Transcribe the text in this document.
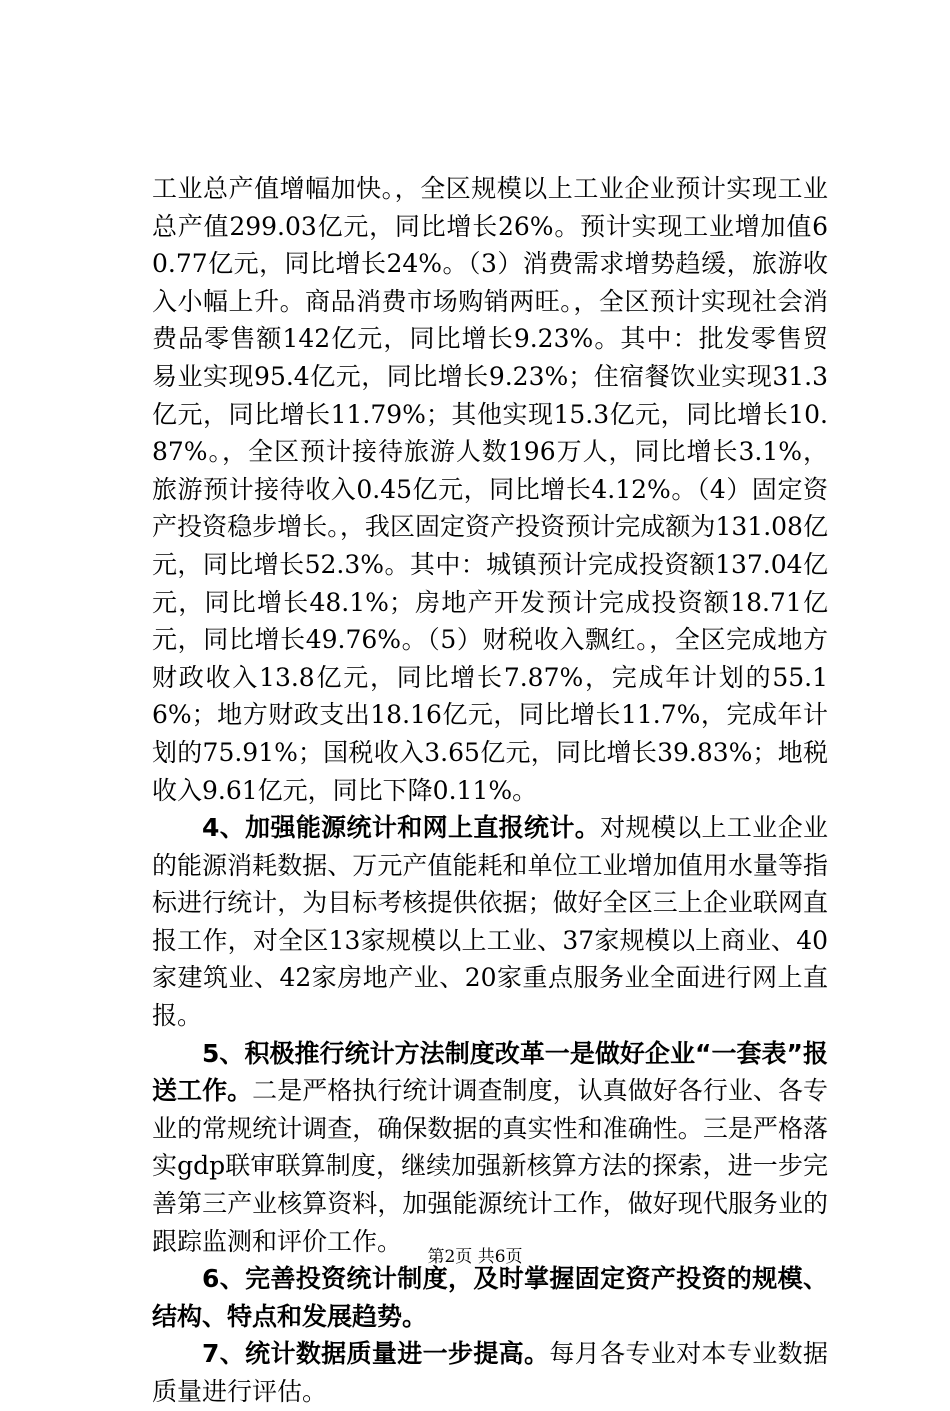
工业总产值增幅加快。，全区规模以上工业企业预计实现工业总产值299.03亿元，同比增长26%。预计实现工业增加值60.77亿元，同比增长24%。（3）消费需求增势趋缓，旅游收入小幅上升。商品消费市场购销两旺。，全区预计实现社会消费品零售额142亿元，同比增长9.23%。其中：批发零售贸易业实现95.4亿元，同比增长9.23%；住宿餐饮业实现31.3亿元，同比增长11.79%；其他实现15.3亿元，同比增长10.87%。，全区预计接待旅游人数196万人，同比增长3.1%，旅游预计接待收入0.45亿元，同比增长4.12%。（4）固定资产投资稳步增长。，我区固定资产投资预计完成额为131.08亿元，同比增长52.3%。其中：城镇预计完成投资额137.04亿元，同比增长48.1%；房地产开发预计完成投资额18.71亿元，同比增长49.76%。（5）财税收入飘红。，全区完成地方财政收入13.8亿元，同比增长7.87%，完成年计划的55.16%；地方财政支出18.16亿元，同比增长11.7%，完成年计划的75.91%；国税收入3.65亿元，同比增长39.83%；地税收入9.61亿元，同比下降0.11%。

4、加强能源统计和网上直报统计。对规模以上工业企业的能源消耗数据、万元产值能耗和单位工业增加值用水量等指标进行统计，为目标考核提供依据；做好全区三上企业联网直报工作，对全区13家规模以上工业、37家规模以上商业、40家建筑业、42家房地产业、20家重点服务业全面进行网上直报。

5、积极推行统计方法制度改革一是做好企业“一套表”报送工作。二是严格执行统计调查制度，认真做好各行业、各专业的常规统计调查，确保数据的真实性和准确性。三是严格落实gdp联审联算制度，继续加强新核算方法的探索，进一步完善第三产业核算资料，加强能源统计工作，做好现代服务业的跟踪监测和评价工作。

6、完善投资统计制度，及时掌握固定资产投资的规模、结构、特点和发展趋势。

7、统计数据质量进一步提高。每月各专业对本专业数据质量进行评估。

第2页 共6页
